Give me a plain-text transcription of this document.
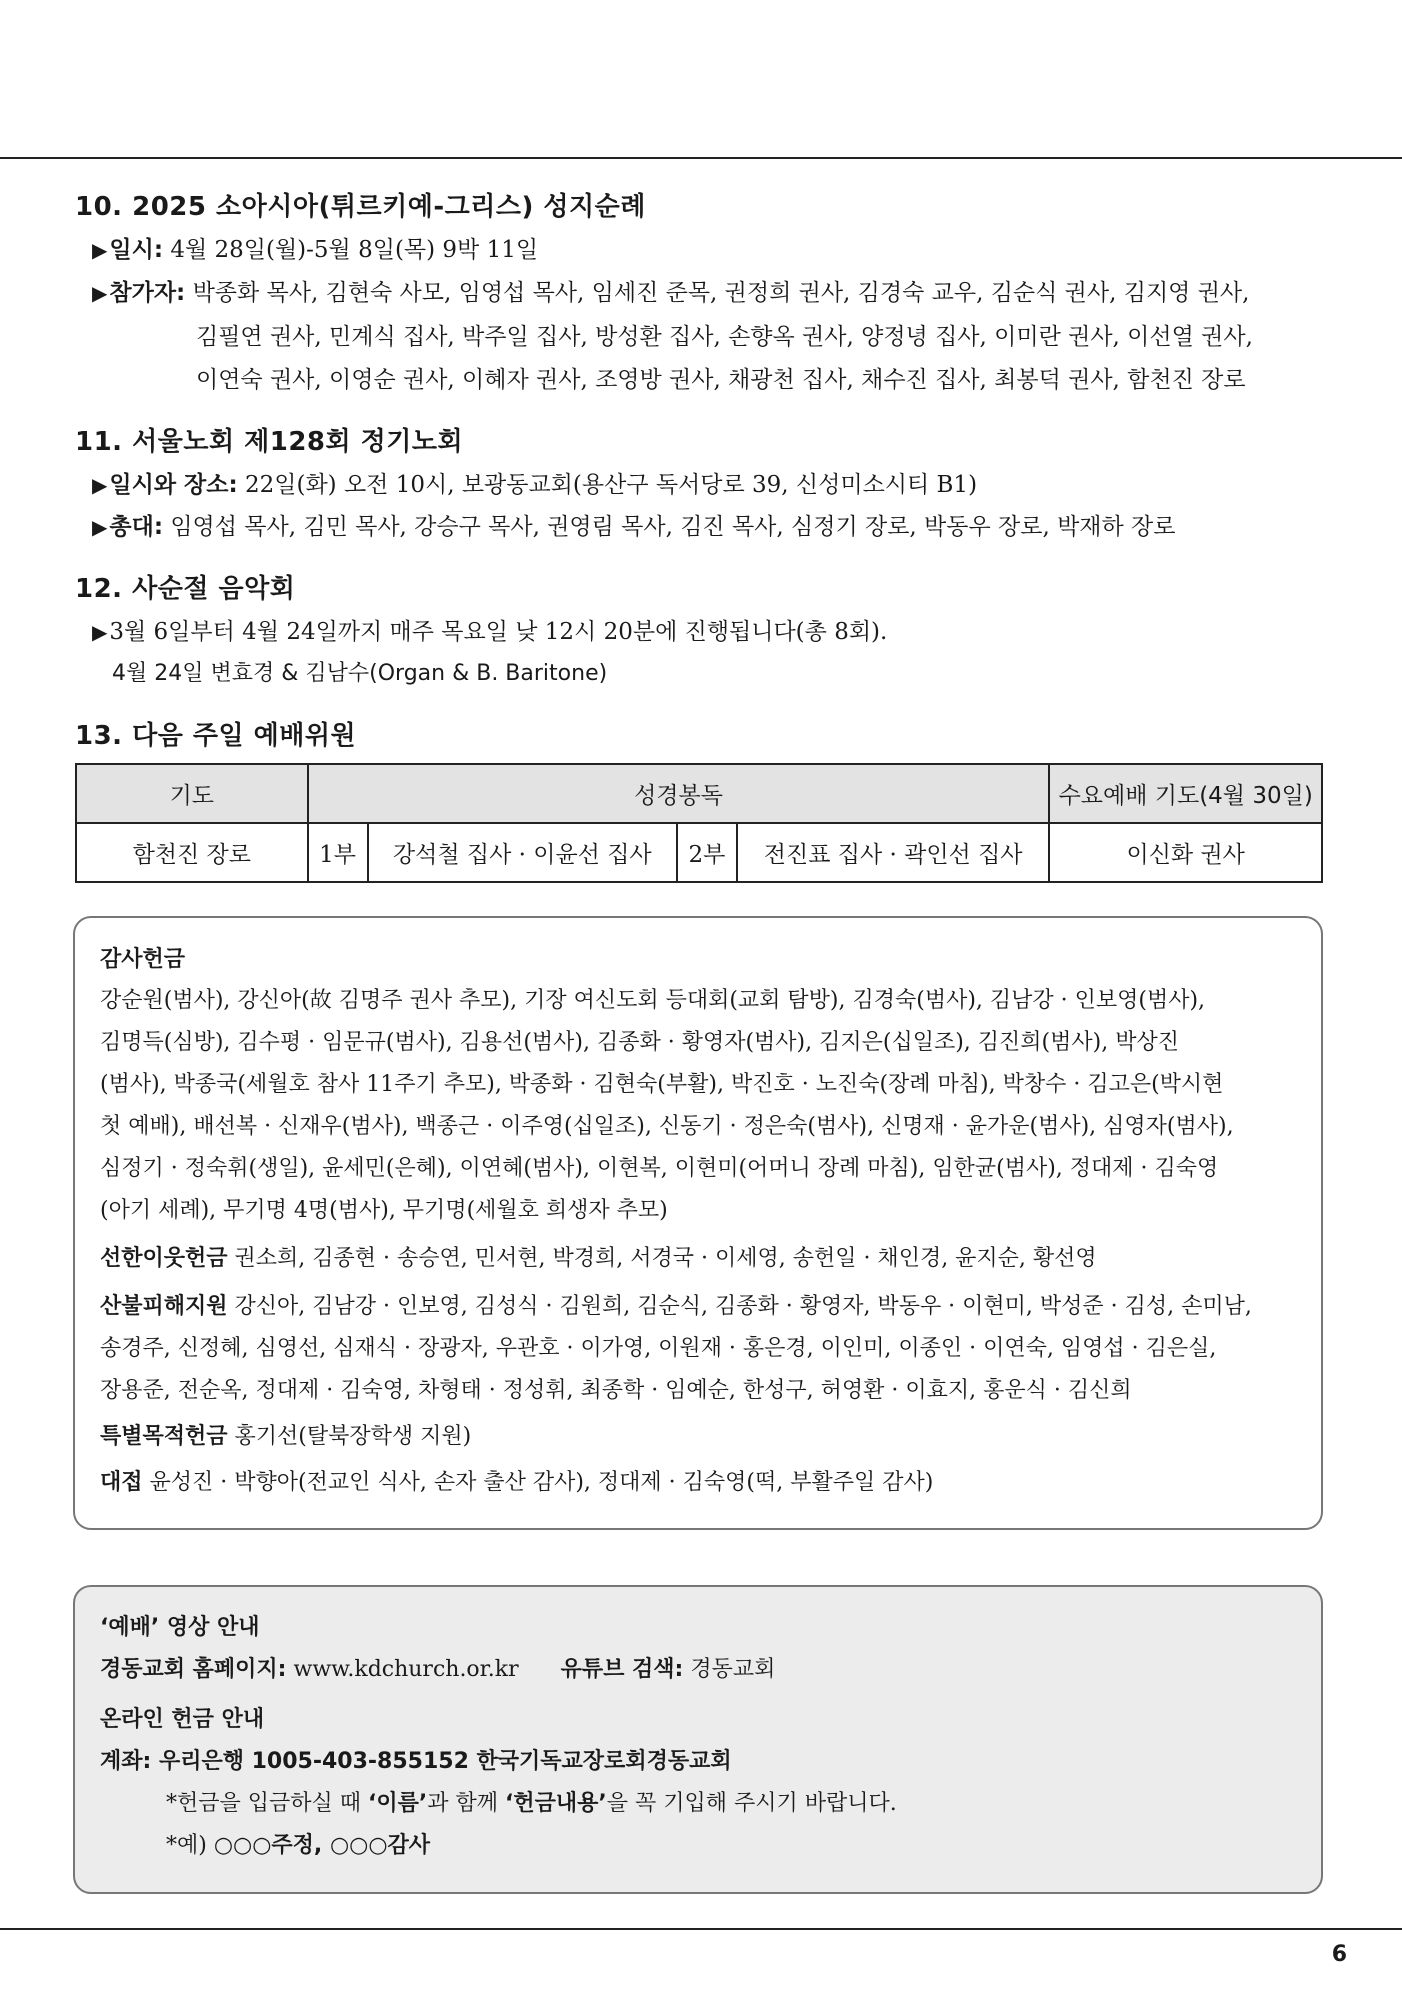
10. 2025 소아시아(튀르키예-그리스) 성지순례
▶일시: 4월 28일(월)-5월 8일(목) 9박 11일
▶참가자: 박종화 목사, 김현숙 사모, 임영섭 목사, 임세진 준목, 권정희 권사, 김경숙 교우, 김순식 권사, 김지영 권사,
김필연 권사, 민계식 집사, 박주일 집사, 방성환 집사, 손향옥 권사, 양정녕 집사, 이미란 권사, 이선열 권사,
이연숙 권사, 이영순 권사, 이혜자 권사, 조영방 권사, 채광천 집사, 채수진 집사, 최봉덕 권사, 함천진 장로
11. 서울노회 제128회 정기노회
▶일시와 장소: 22일(화) 오전 10시, 보광동교회(용산구 독서당로 39, 신성미소시티 B1)
▶총대: 임영섭 목사, 김민 목사, 강승구 목사, 권영림 목사, 김진 목사, 심정기 장로, 박동우 장로, 박재하 장로
12. 사순절 음악회
▶3월 6일부터 4월 24일까지 매주 목요일 낮 12시 20분에 진행됩니다(총 8회).
4월 24일 변효경 & 김남수(Organ & B. Baritone)
13. 다음 주일 예배위원
기도	성경봉독				수요예배 기도(4월 30일)
함천진 장로	1부	강석철 집사 · 이윤선 집사	2부	전진표 집사 · 곽인선 집사	이신화 권사
감사헌금
강순원(범사), 강신아(故 김명주 권사 추모), 기장 여신도회 등대회(교회 탐방), 김경숙(범사), 김남강 · 인보영(범사),
김명득(심방), 김수평 · 임문규(범사), 김용선(범사), 김종화 · 황영자(범사), 김지은(십일조), 김진희(범사), 박상진
(범사), 박종국(세월호 참사 11주기 추모), 박종화 · 김현숙(부활), 박진호 · 노진숙(장례 마침), 박창수 · 김고은(박시현
첫 예배), 배선복 · 신재우(범사), 백종근 · 이주영(십일조), 신동기 · 정은숙(범사), 신명재 · 윤가운(범사), 심영자(범사),
심정기 · 정숙휘(생일), 윤세민(은혜), 이연혜(범사), 이현복, 이현미(어머니 장례 마침), 임한균(범사), 정대제 · 김숙영
(아기 세례), 무기명 4명(범사), 무기명(세월호 희생자 추모)
선한이웃헌금 권소희, 김종현 · 송승연, 민서현, 박경희, 서경국 · 이세영, 송헌일 · 채인경, 윤지순, 황선영
산불피해지원 강신아, 김남강 · 인보영, 김성식 · 김원희, 김순식, 김종화 · 황영자, 박동우 · 이현미, 박성준 · 김성, 손미남,
송경주, 신정혜, 심영선, 심재식 · 장광자, 우관호 · 이가영, 이원재 · 홍은경, 이인미, 이종인 · 이연숙, 임영섭 · 김은실,
장용준, 전순옥, 정대제 · 김숙영, 차형태 · 정성휘, 최종학 · 임예순, 한성구, 허영환 · 이효지, 홍운식 · 김신희
특별목적헌금 홍기선(탈북장학생 지원)
대접 윤성진 · 박향아(전교인 식사, 손자 출산 감사), 정대제 · 김숙영(떡, 부활주일 감사)
‘예배’ 영상 안내
경동교회 홈페이지: www.kdchurch.or.kr 유튜브 검색: 경동교회
온라인 헌금 안내
계좌: 우리은행 1005-403-855152 한국기독교장로회경동교회
*헌금을 입금하실 때 ‘이름’과 함께 ‘헌금내용’을 꼭 기입해 주시기 바랍니다.
*예) ○○○주정, ○○○감사
6
